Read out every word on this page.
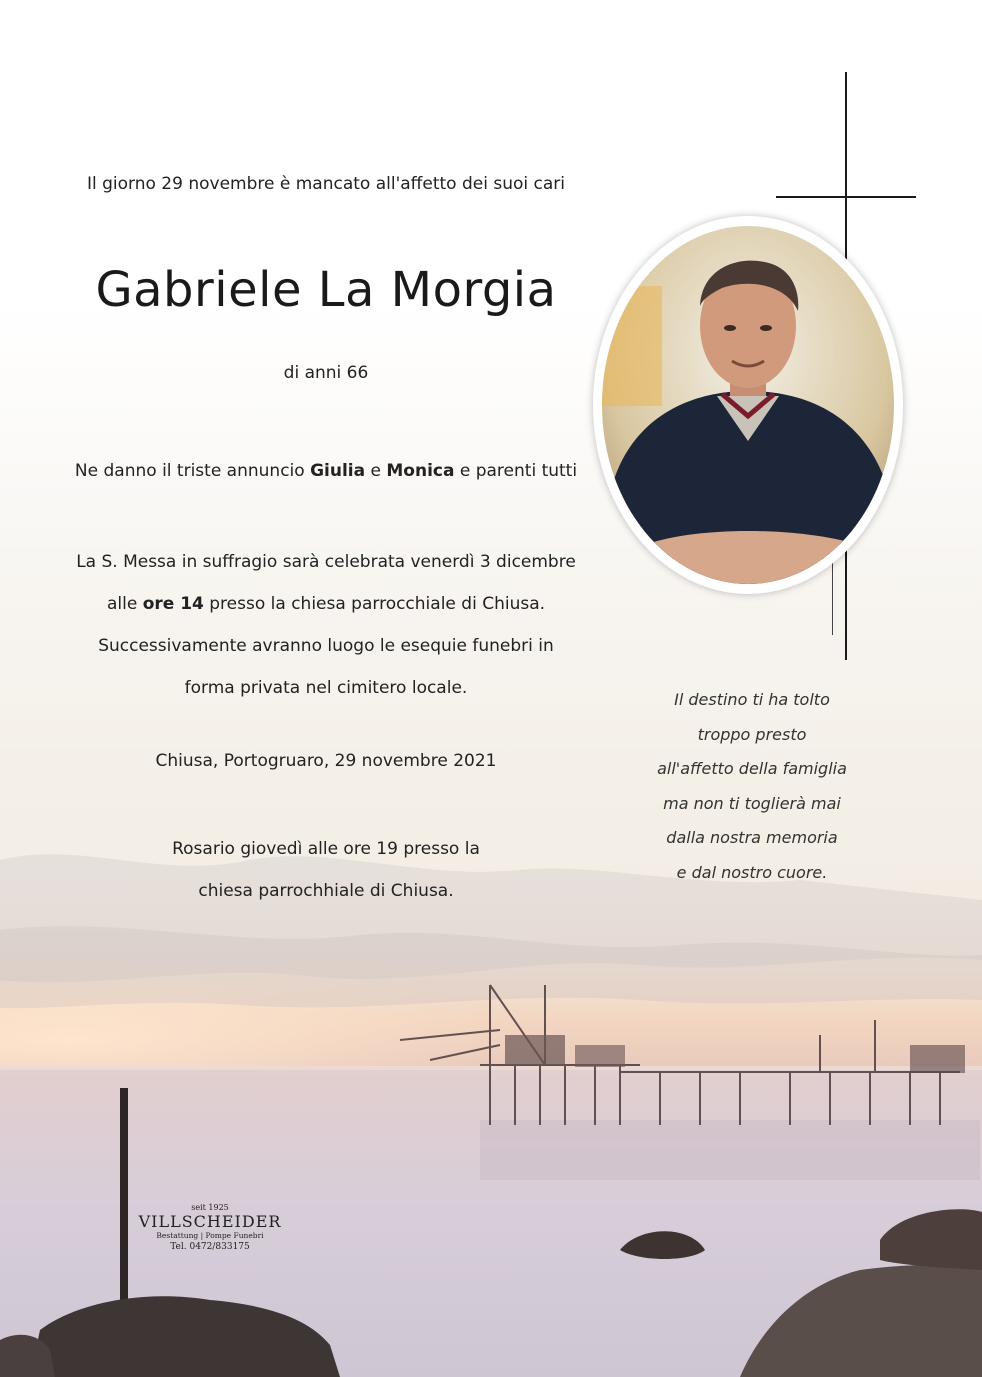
Il giorno 29 novembre è mancato all'affetto dei suoi cari
Gabriele La Morgia
di anni 66
Ne danno il triste annuncio Giulia e Monica e parenti tutti
La S. Messa in suffragio sarà celebrata venerdì 3 dicembre
alle ore 14 presso la chiesa parrocchiale di Chiusa.
Successivamente avranno luogo le esequie funebri in
forma privata nel cimitero locale.
Chiusa, Portogruaro, 29 novembre 2021
Rosario giovedì alle ore 19 presso la
chiesa parrochhiale di Chiusa.
Il destino ti ha tolto
troppo presto
all'affetto della famiglia
ma non ti toglierà mai
dalla nostra memoria
e dal nostro cuore.
seit 1925
VILLSCHEIDER
Bestattung | Pompe Funebri
Tel. 0472/833175
